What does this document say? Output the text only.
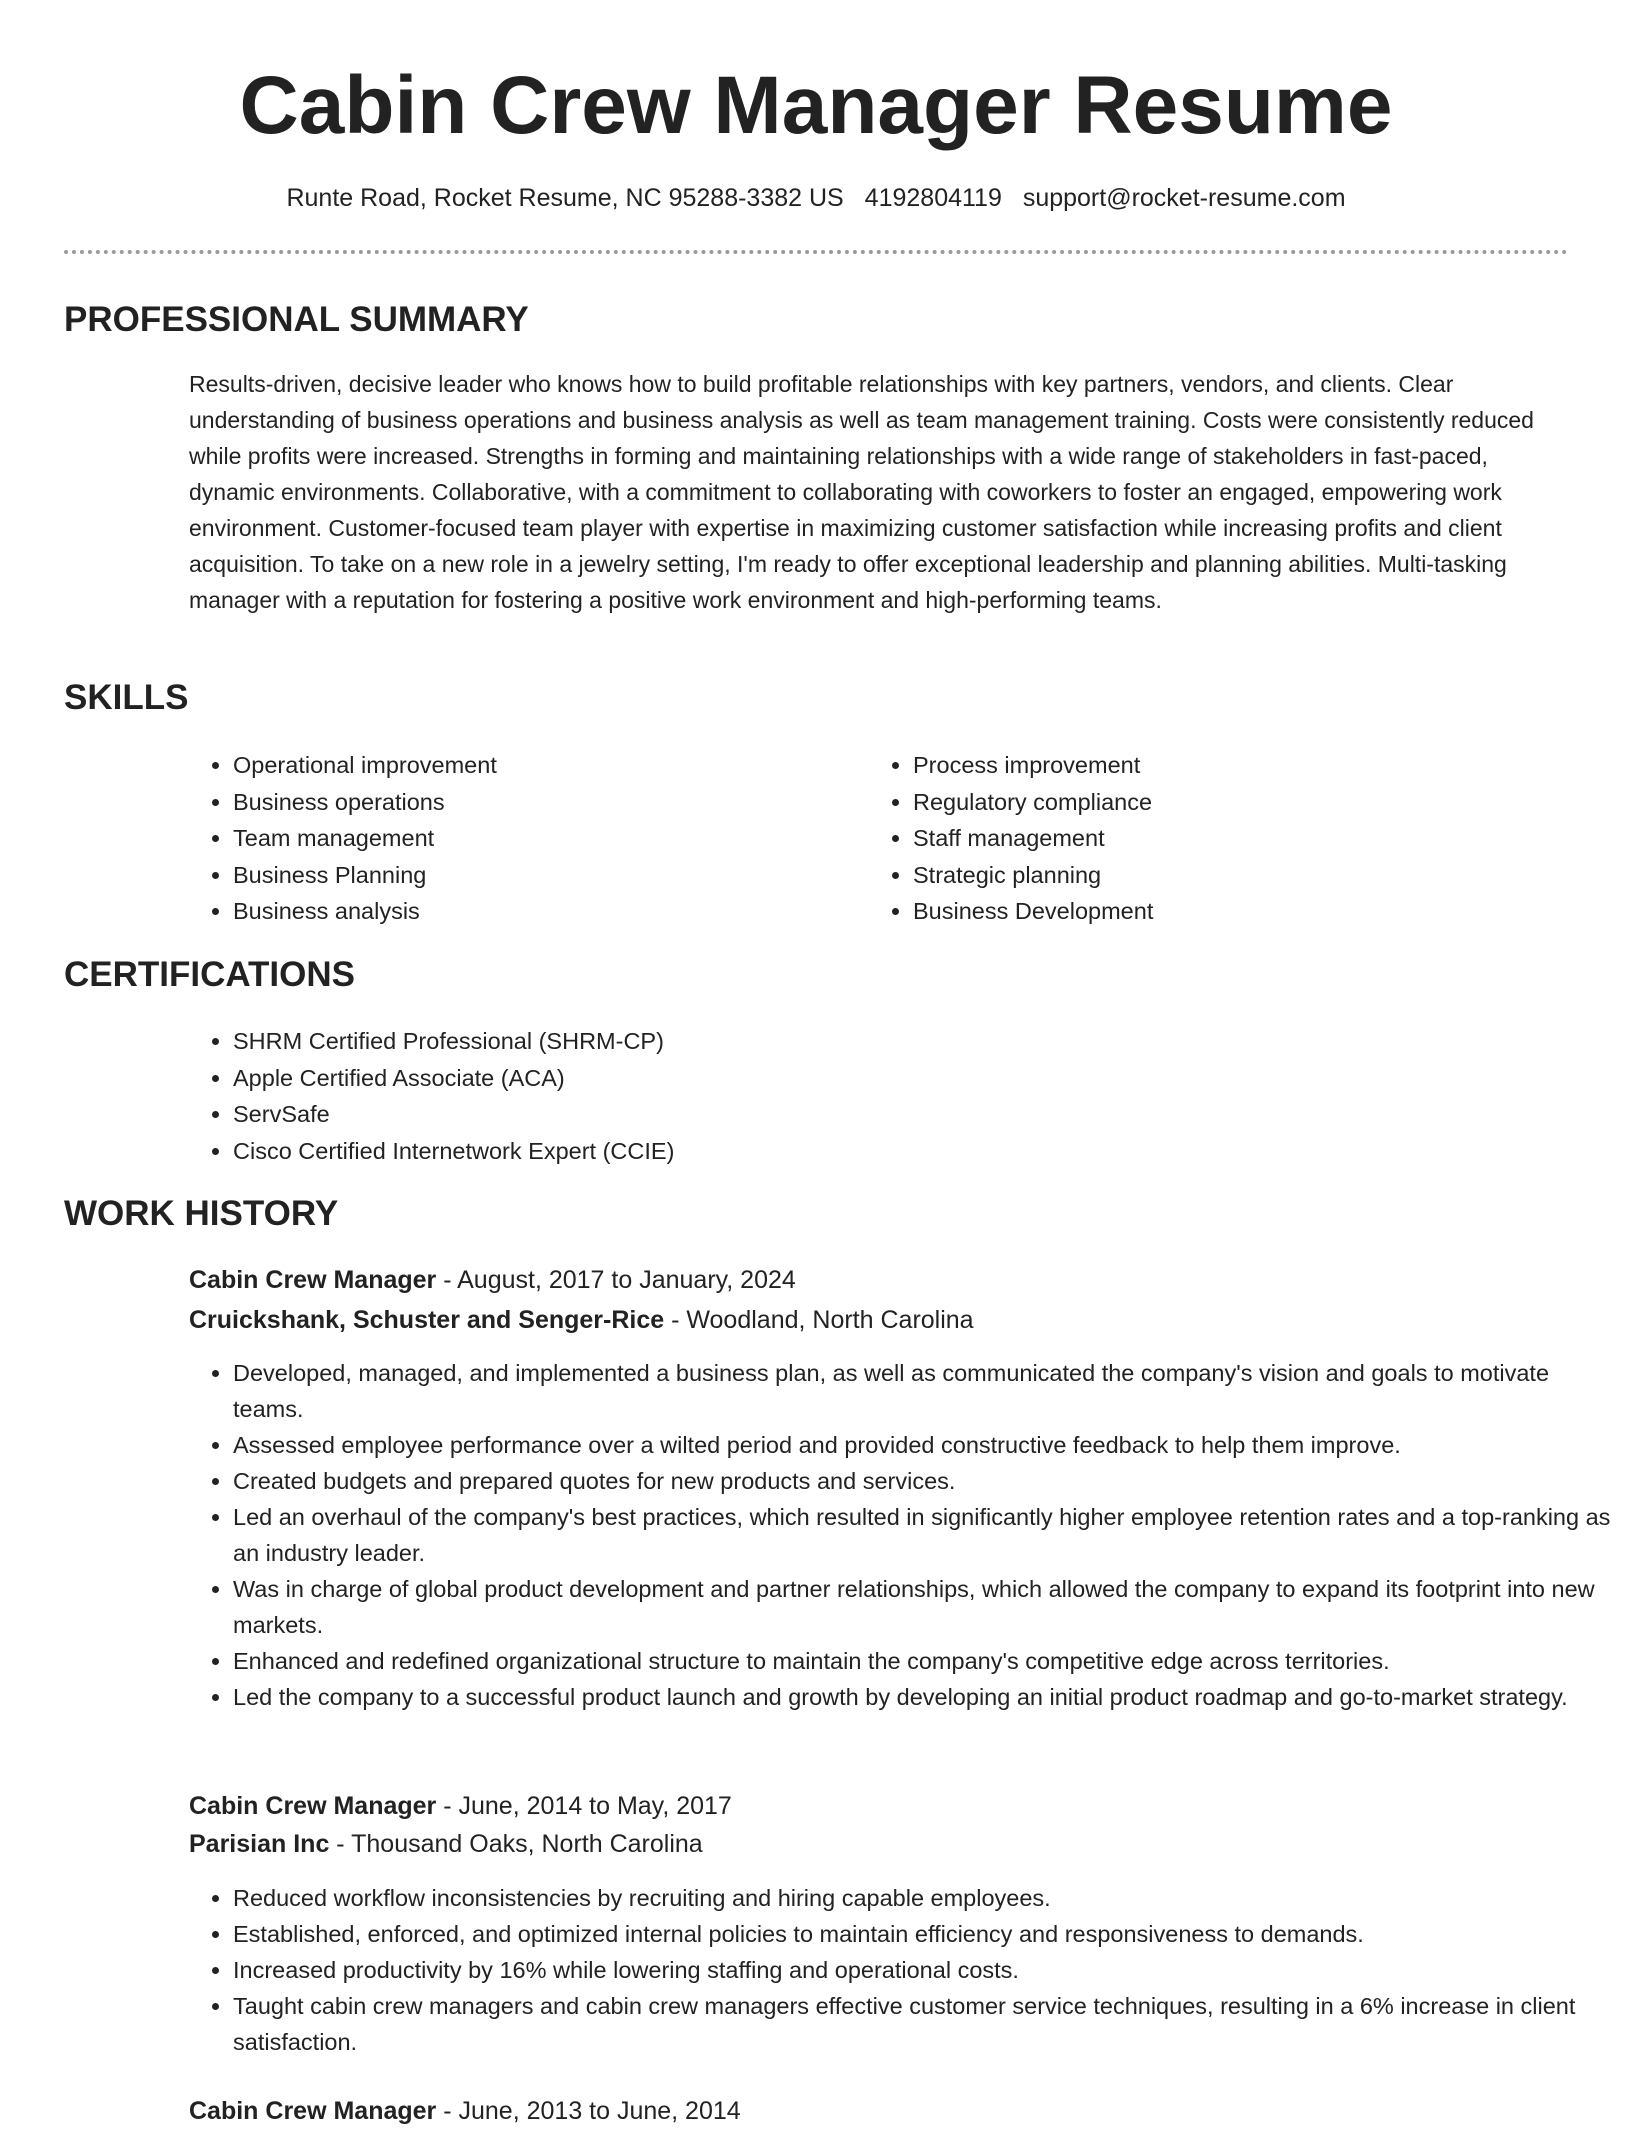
Cabin Crew Manager Resume
Runte Road, Rocket Resume, NC 95288-3382 US 4192804119 support@rocket-resume.com
PROFESSIONAL SUMMARY

Results-driven, decisive leader who knows how to build profitable relationships with key partners, vendors, and clients. Clear understanding of business operations and business analysis as well as team management training. Costs were consistently reduced while profits were increased. Strengths in forming and maintaining relationships with a wide range of stakeholders in fast-paced, dynamic environments. Collaborative, with a commitment to collaborating with coworkers to foster an engaged, empowering work environment. Customer-focused team player with expertise in maximizing customer satisfaction while increasing profits and client acquisition. To take on a new role in a jewelry setting, I'm ready to offer exceptional leadership and planning abilities. Multi-tasking manager with a reputation for fostering a positive work environment and high-performing teams.

SKILLS
• Operational improvement
• Business operations
• Team management
• Business Planning
• Business analysis
• Process improvement
• Regulatory compliance
• Staff management
• Strategic planning
• Business Development
CERTIFICATIONS
• SHRM Certified Professional (SHRM-CP)
• Apple Certified Associate (ACA)
• ServSafe
• Cisco Certified Internetwork Expert (CCIE)
WORK HISTORY
Cabin Crew Manager - August, 2017 to January, 2024
Cruickshank, Schuster and Senger-Rice - Woodland, North Carolina
• Developed, managed, and implemented a business plan, as well as communicated the company's vision and goals to motivate teams.
• Assessed employee performance over a wilted period and provided constructive feedback to help them improve.
• Created budgets and prepared quotes for new products and services.
• Led an overhaul of the company's best practices, which resulted in significantly higher employee retention rates and a top-ranking as an industry leader.
• Was in charge of global product development and partner relationships, which allowed the company to expand its footprint into new markets.
• Enhanced and redefined organizational structure to maintain the company's competitive edge across territories.
• Led the company to a successful product launch and growth by developing an initial product roadmap and go-to-market strategy.
Cabin Crew Manager - June, 2014 to May, 2017
Parisian Inc - Thousand Oaks, North Carolina
• Reduced workflow inconsistencies by recruiting and hiring capable employees.
• Established, enforced, and optimized internal policies to maintain efficiency and responsiveness to demands.
• Increased productivity by 16% while lowering staffing and operational costs.
• Taught cabin crew managers and cabin crew managers effective customer service techniques, resulting in a 6% increase in client satisfaction.
Cabin Crew Manager - June, 2013 to June, 2014
